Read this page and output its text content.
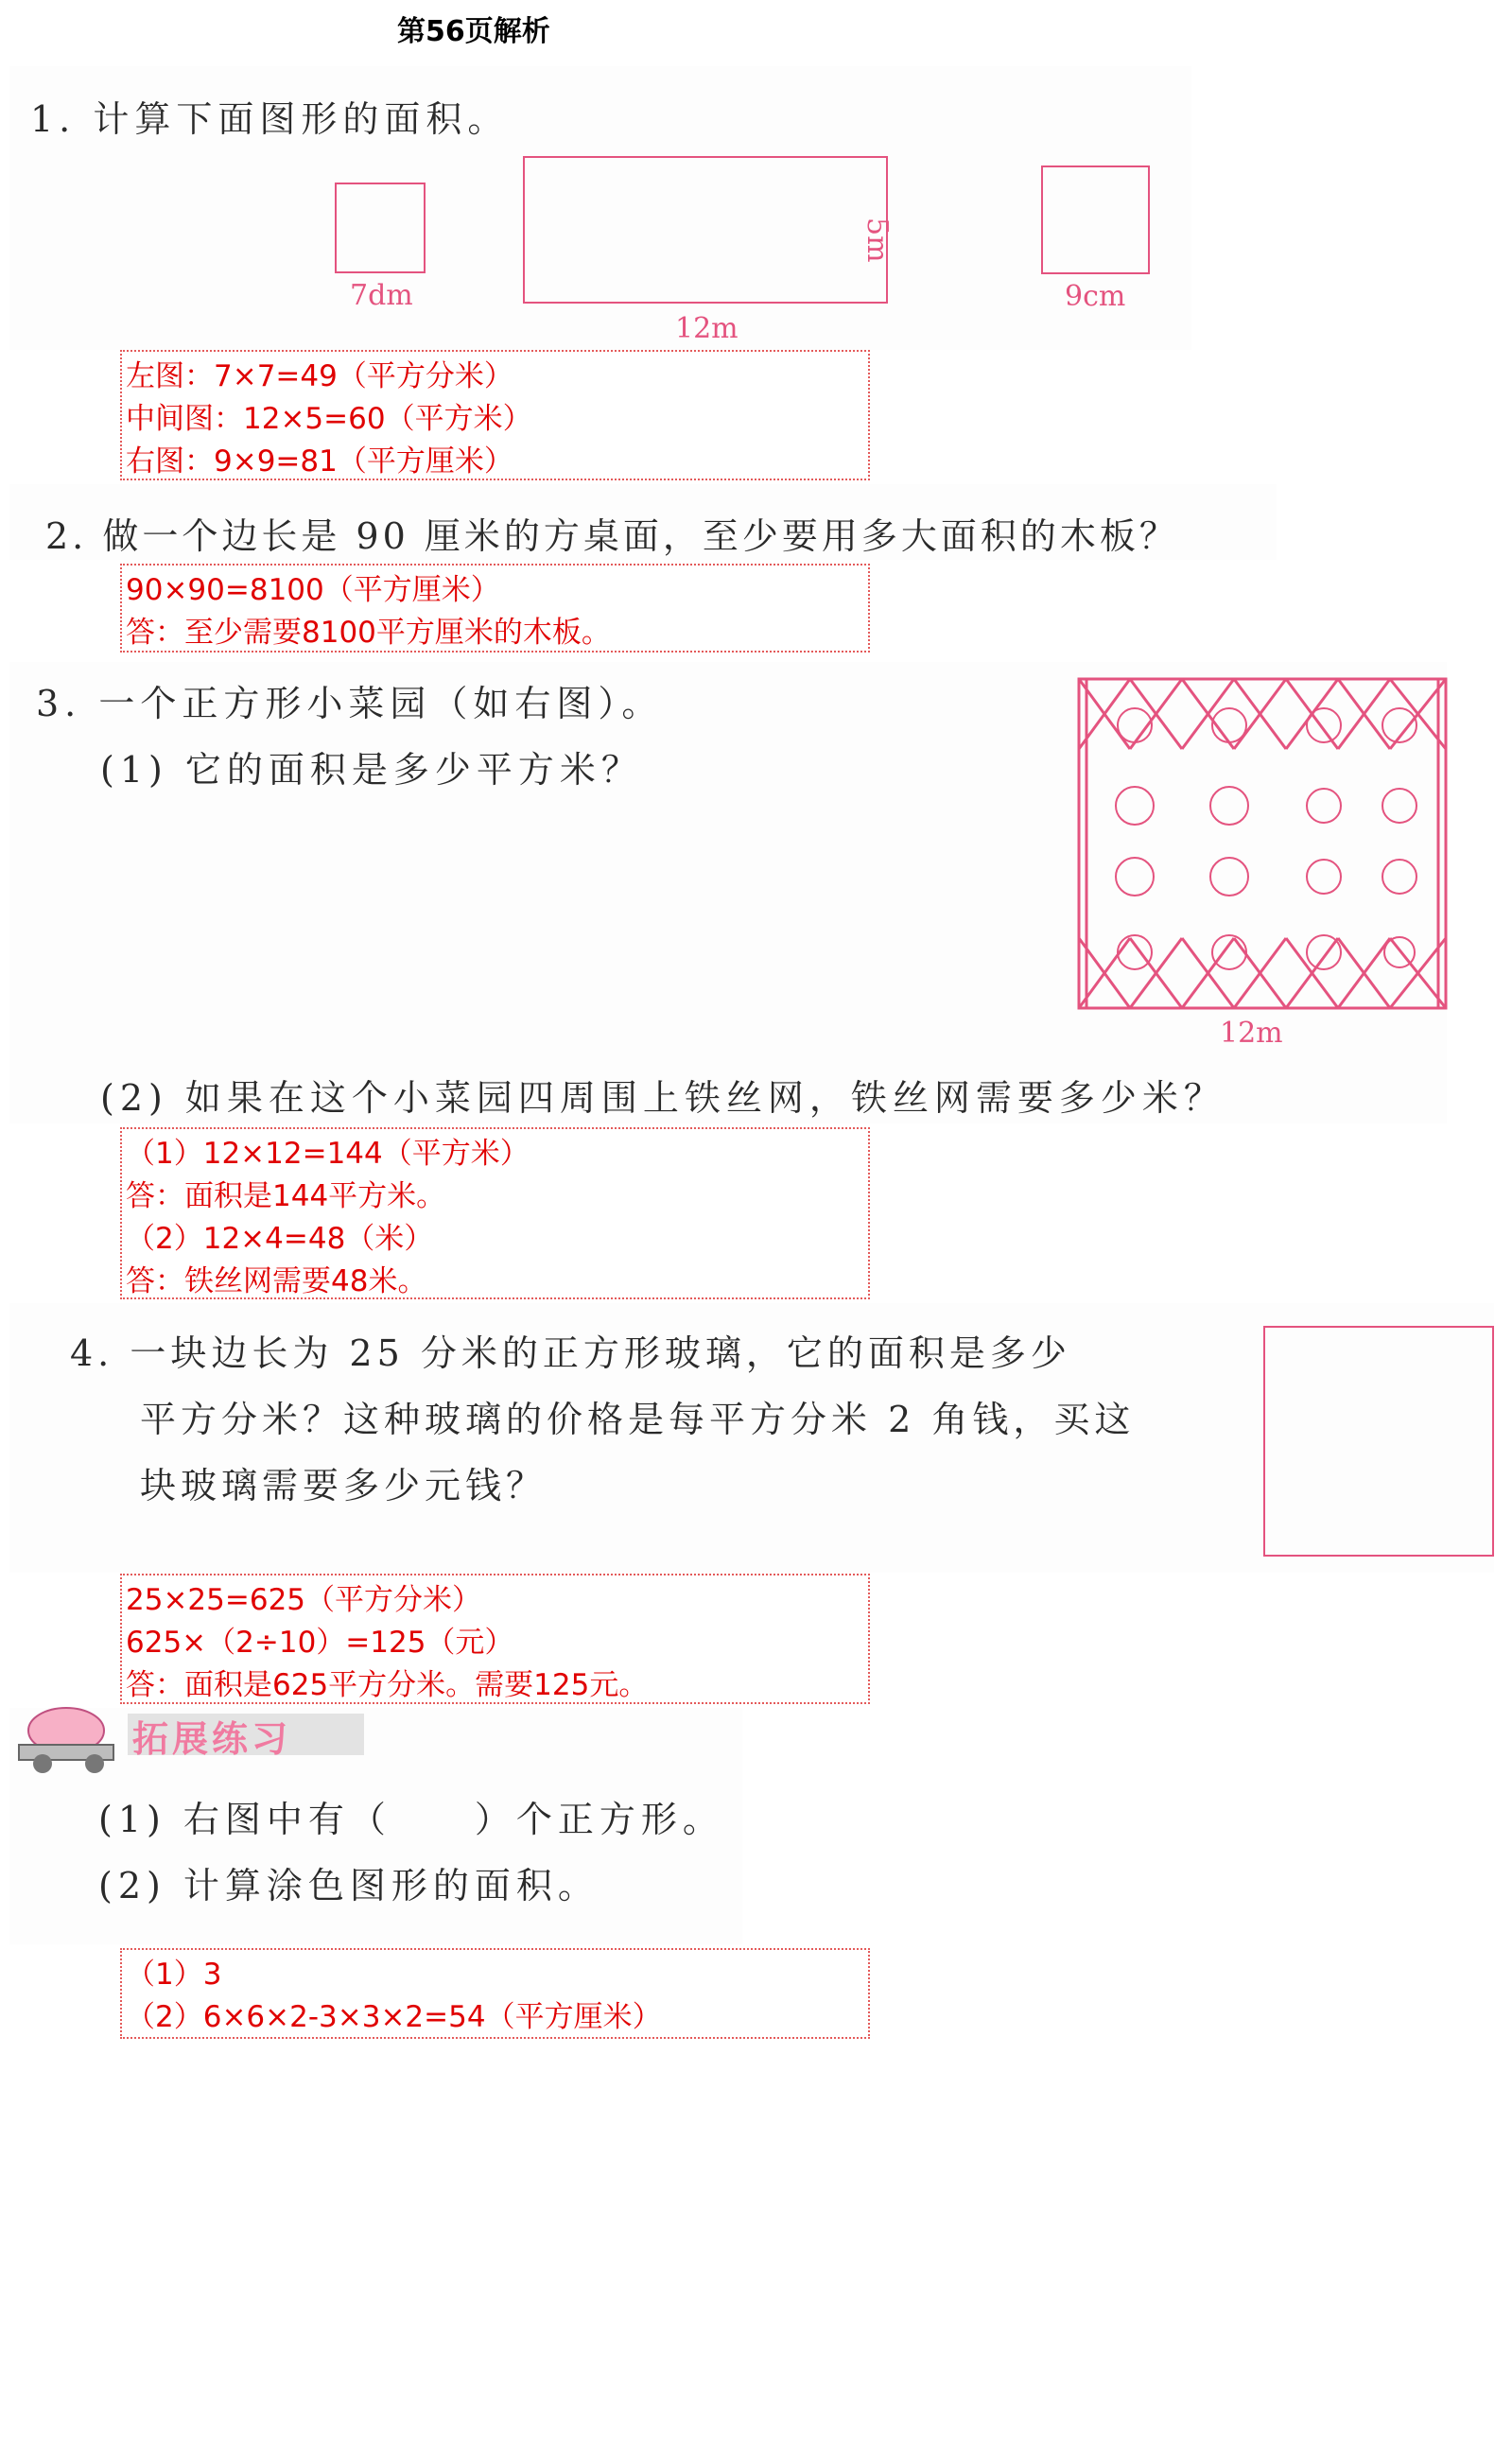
第56页解析
1. 计算下面图形的面积。
7dm
12m
5m
9cm
左图：7×7=49（平方分米）
中间图：12×5=60（平方米）
右图：9×9=81（平方厘米）
2. 做一个边长是 90 厘米的方桌面，至少要用多大面积的木板？
90×90=8100（平方厘米）
答：至少需要8100平方厘米的木板。
3. 一个正方形小菜园（如右图）。
(1) 它的面积是多少平方米？
(2) 如果在这个小菜园四周围上铁丝网，铁丝网需要多少米？
12m
（1）12×12=144（平方米）
答：面积是144平方米。
（2）12×4=48（米）
答：铁丝网需要48米。
4. 一块边长为 25 分米的正方形玻璃，它的面积是多少
平方分米？这种玻璃的价格是每平方分米 2 角钱，买这
块玻璃需要多少元钱？
25×25=625（平方分米）
625×（2÷10）=125（元）
答：面积是625平方分米。需要125元。
拓展练习
(1) 右图中有（　　）个正方形。
(2) 计算涂色图形的面积。
（1）3
（2）6×6×2-3×3×2=54（平方厘米）
